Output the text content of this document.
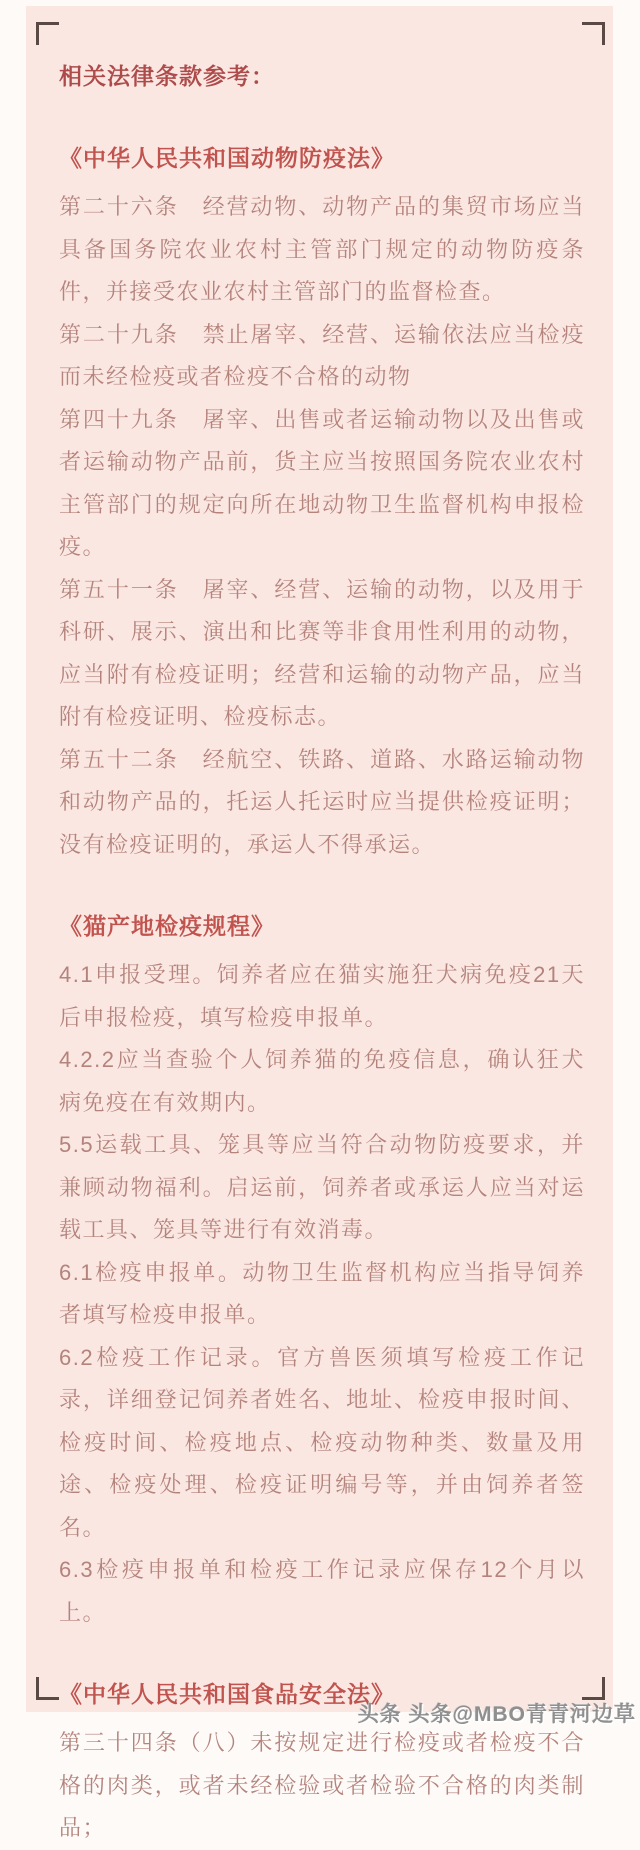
相关法律条款参考：
《中华人民共和国动物防疫法》

第二十六条　经营动物、动物产品的集贸市场应当具备国务院农业农村主管部门规定的动物防疫条件，并接受农业农村主管部门的监督检查。

第二十九条　禁止屠宰、经营、运输依法应当检疫而未经检疫或者检疫不合格的动物

第四十九条　屠宰、出售或者运输动物以及出售或者运输动物产品前，货主应当按照国务院农业农村主管部门的规定向所在地动物卫生监督机构申报检疫。

第五十一条　屠宰、经营、运输的动物，以及用于科研、展示、演出和比赛等非食用性利用的动物，应当附有检疫证明；经营和运输的动物产品，应当附有检疫证明、检疫标志。

第五十二条　经航空、铁路、道路、水路运输动物和动物产品的，托运人托运时应当提供检疫证明；没有检疫证明的，承运人不得承运。

《猫产地检疫规程》

4.1申报受理。饲养者应在猫实施狂犬病免疫21天后申报检疫，填写检疫申报单。

4.2.2应当查验个人饲养猫的免疫信息，确认狂犬病免疫在有效期内。

5.5运载工具、笼具等应当符合动物防疫要求，并兼顾动物福利。启运前，饲养者或承运人应当对运载工具、笼具等进行有效消毒。

6.1检疫申报单。动物卫生监督机构应当指导饲养者填写检疫申报单。

6.2检疫工作记录。官方兽医须填写检疫工作记录，详细登记饲养者姓名、地址、检疫申报时间、检疫时间、检疫地点、检疫动物种类、数量及用途、检疫处理、检疫证明编号等，并由饲养者签名。

6.3检疫申报单和检疫工作记录应保存12个月以上。

《中华人民共和国食品安全法》

第三十四条（八）未按规定进行检疫或者检疫不合格的肉类，或者未经检验或者检验不合格的肉类制品；

头条 头条@MBO青青河边草
